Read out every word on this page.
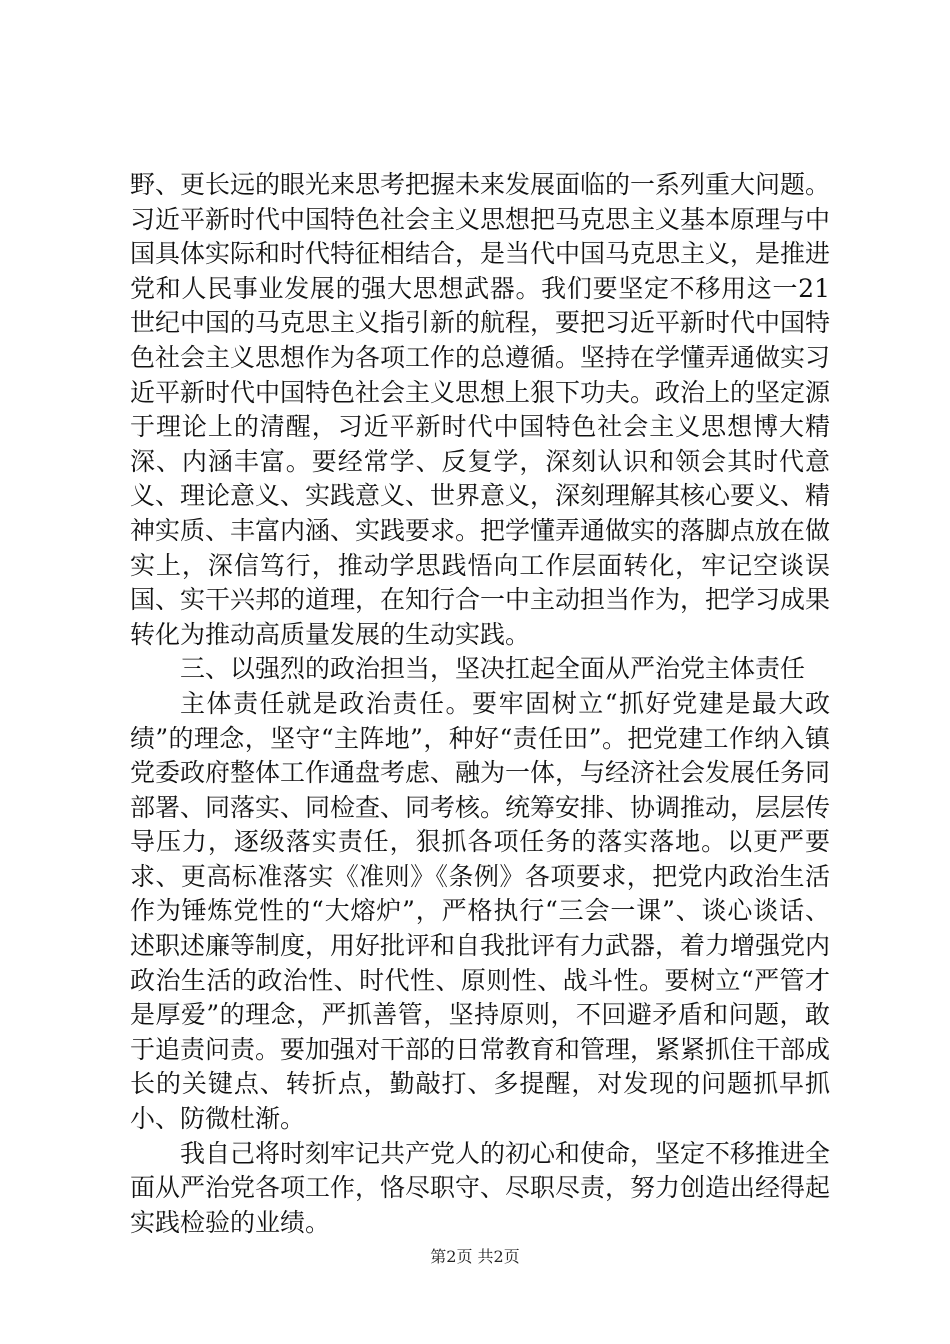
野、更长远的眼光来思考把握未来发展面临的一系列重大问题。习近平新时代中国特色社会主义思想把马克思主义基本原理与中国具体实际和时代特征相结合，是当代中国马克思主义，是推进党和人民事业发展的强大思想武器。我们要坚定不移用这一21世纪中国的马克思主义指引新的航程，要把习近平新时代中国特色社会主义思想作为各项工作的总遵循。坚持在学懂弄通做实习近平新时代中国特色社会主义思想上狠下功夫。政治上的坚定源于理论上的清醒，习近平新时代中国特色社会主义思想博大精深、内涵丰富。要经常学、反复学，深刻认识和领会其时代意义、理论意义、实践意义、世界意义，深刻理解其核心要义、精神实质、丰富内涵、实践要求。把学懂弄通做实的落脚点放在做实上，深信笃行，推动学思践悟向工作层面转化，牢记空谈误国、实干兴邦的道理，在知行合一中主动担当作为，把学习成果转化为推动高质量发展的生动实践。

三、以强烈的政治担当，坚决扛起全面从严治党主体责任

主体责任就是政治责任。要牢固树立“抓好党建是最大政绩”的理念，坚守“主阵地”，种好“责任田”。把党建工作纳入镇党委政府整体工作通盘考虑、融为一体，与经济社会发展任务同部署、同落实、同检查、同考核。统筹安排、协调推动，层层传导压力，逐级落实责任，狠抓各项任务的落实落地。以更严要求、更高标准落实《准则》《条例》各项要求，把党内政治生活作为锤炼党性的“大熔炉”，严格执行“三会一课”、谈心谈话、述职述廉等制度，用好批评和自我批评有力武器，着力增强党内政治生活的政治性、时代性、原则性、战斗性。要树立“严管才是厚爱”的理念，严抓善管，坚持原则，不回避矛盾和问题，敢于追责问责。要加强对干部的日常教育和管理，紧紧抓住干部成长的关键点、转折点，勤敲打、多提醒，对发现的问题抓早抓小、防微杜渐。

我自己将时刻牢记共产党人的初心和使命，坚定不移推进全面从严治党各项工作，恪尽职守、尽职尽责，努力创造出经得起实践检验的业绩。

第2页 共2页
